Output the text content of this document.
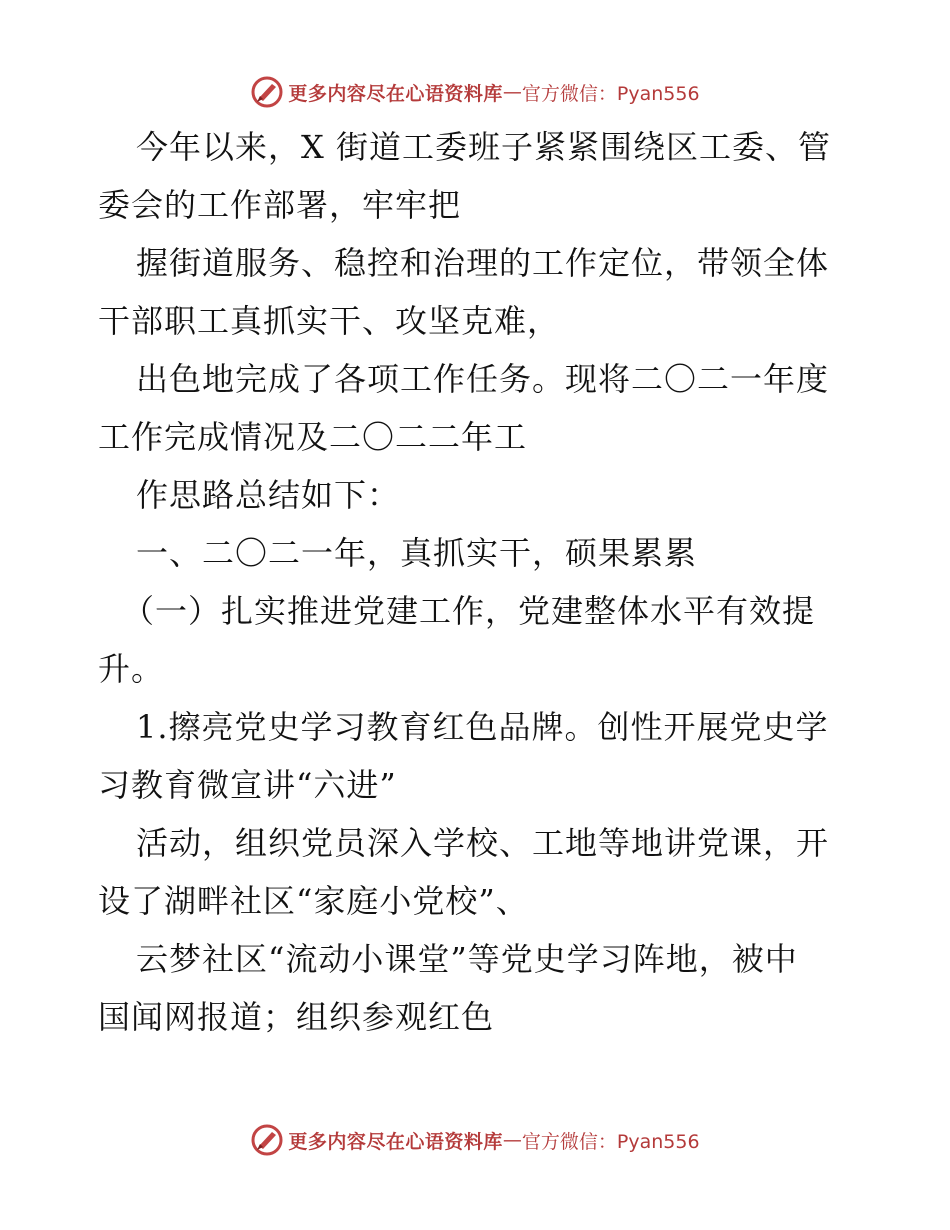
更多内容尽在心语资料库 — 官方微信：Pyan556
今年以来，X 街道工委班子紧紧围绕区工委、管
委会的工作部署，牢牢把
握街道服务、稳控和治理的工作定位，带领全体
干部职工真抓实干、攻坚克难，
出色地完成了各项工作任务。现将二〇二一年度
工作完成情况及二〇二二年工
作思路总结如下：
一、二〇二一年，真抓实干，硕果累累
（一）扎实推进党建工作，党建整体水平有效提
升。
1.擦亮党史学习教育红色品牌。创性开展党史学
习教育微宣讲“六进”
活动，组织党员深入学校、工地等地讲党课，开
设了湖畔社区“家庭小党校”、
云梦社区“流动小课堂”等党史学习阵地，被中
国闻网报道；组织参观红色
更多内容尽在心语资料库 — 官方微信：Pyan556
